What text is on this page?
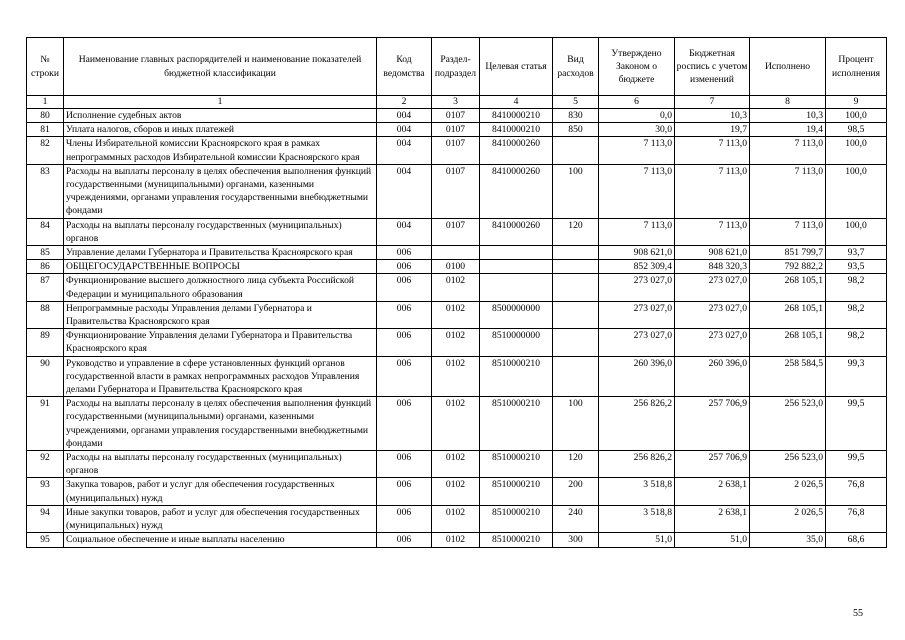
№ строки	Наименование главных распорядителей и наименование показателей бюджетной классификации	Код ведомства	Раздел-подраздел	Целевая статья	Вид расходов	Утверждено Законом о бюджете	Бюджетная роспись с учетом изменений	Исполнено	Процент исполнения
1	1	2	3	4	5	6	7	8	9
80	Исполнение судебных актов	004	0107	8410000210	830	0,0	10,3	10,3	100,0
81	Уплата налогов, сборов и иных платежей	004	0107	8410000210	850	30,0	19,7	19,4	98,5
82	Члены Избирательной комиссии Красноярского края в рамках непрограммных расходов Избирательной комиссии Красноярского края	004	0107	8410000260		7 113,0	7 113,0	7 113,0	100,0
83	Расходы на выплаты персоналу в целях обеспечения выполнения функций государственными (муниципальными) органами, казенными учреждениями, органами управления государственными внебюджетными фондами	004	0107	8410000260	100	7 113,0	7 113,0	7 113,0	100,0
84	Расходы на выплаты персоналу государственных (муниципальных) органов	004	0107	8410000260	120	7 113,0	7 113,0	7 113,0	100,0
85	Управление делами Губернатора и Правительства Красноярского края	006				908 621,0	908 621,0	851 799,7	93,7
86	ОБЩЕГОСУДАРСТВЕННЫЕ ВОПРОСЫ	006	0100			852 309,4	848 320,3	792 882,2	93,5
87	Функционирование высшего должностного лица субъекта Российской Федерации и муниципального образования	006	0102			273 027,0	273 027,0	268 105,1	98,2
88	Непрограммные расходы Управления делами Губернатора и Правительства Красноярского края	006	0102	8500000000		273 027,0	273 027,0	268 105,1	98,2
89	Функционирование Управления делами Губернатора и Правительства Красноярского края	006	0102	8510000000		273 027,0	273 027,0	268 105,1	98,2
90	Руководство и управление в сфере установленных функций органов государственной власти в рамках непрограммных расходов Управления делами Губернатора и Правительства Красноярского края	006	0102	8510000210		260 396,0	260 396,0	258 584,5	99,3
91	Расходы на выплаты персоналу в целях обеспечения выполнения функций государственными (муниципальными) органами, казенными учреждениями, органами управления государственными внебюджетными фондами	006	0102	8510000210	100	256 826,2	257 706,9	256 523,0	99,5
92	Расходы на выплаты персоналу государственных (муниципальных) органов	006	0102	8510000210	120	256 826,2	257 706,9	256 523,0	99,5
93	Закупка товаров, работ и услуг для обеспечения государственных (муниципальных) нужд	006	0102	8510000210	200	3 518,8	2 638,1	2 026,5	76,8
94	Иные закупки товаров, работ и услуг для обеспечения государственных (муниципальных) нужд	006	0102	8510000210	240	3 518,8	2 638,1	2 026,5	76,8
95	Социальное обеспечение и иные выплаты населению	006	0102	8510000210	300	51,0	51,0	35,0	68,6
55
